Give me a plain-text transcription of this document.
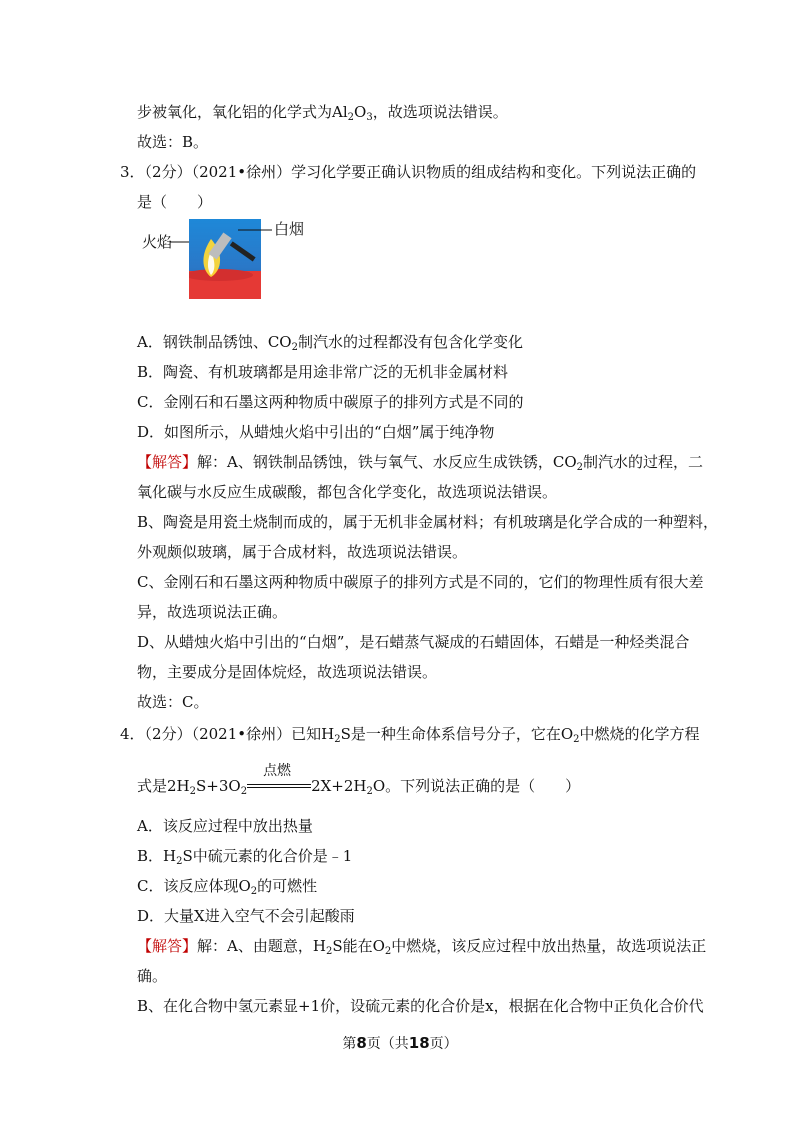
步被氧化，氧化铝的化学式为$Al_2O_3$，故选项说法错误。
故选：B。
3．（2分）（2021•徐州）学习化学要正确认识物质的组成结构和变化。下列说法正确的
是（　　）
火焰
白烟
A．钢铁制品锈蚀、$CO_2$制汽水的过程都没有包含化学变化
B．陶瓷、有机玻璃都是用途非常广泛的无机非金属材料
C．金刚石和石墨这两种物质中碳原子的排列方式是不同的
D．如图所示，从蜡烛火焰中引出的“白烟”属于纯净物
【解答】解：A、钢铁制品锈蚀，铁与氧气、水反应生成铁锈，$CO_2$制汽水的过程，二
氧化碳与水反应生成碳酸，都包含化学变化，故选项说法错误。
B、陶瓷是用瓷土烧制而成的，属于无机非金属材料；有机玻璃是化学合成的一种塑料，
外观颇似玻璃，属于合成材料，故选项说法错误。
C、金刚石和石墨这两种物质中碳原子的排列方式是不同的，它们的物理性质有很大差
异，故选项说法正确。
D、从蜡烛火焰中引出的“白烟”，是石蜡蒸气凝成的石蜡固体，石蜡是一种烃类混合
物，主要成分是固体烷烃，故选项说法错误。
故选：C。
4．（2分）（2021•徐州）已知$H_2S$是一种生命体系信号分子，它在$O_2$中燃烧的化学方程
式是$2H_2S+3O_2$
点燃
$2X+2H_2O$。下列说法正确的是（　　）
A．该反应过程中放出热量
B．$H_2S$中硫元素的化合价是﹣1
C．该反应体现$O_2$的可燃性
D．大量X进入空气不会引起酸雨
【解答】解：A、由题意，$H_2S$能在$O_2$中燃烧，该反应过程中放出热量，故选项说法正
确。
B、在化合物中氢元素显+1价，设硫元素的化合价是x，根据在化合物中正负化合价代
第8页（共18页）
